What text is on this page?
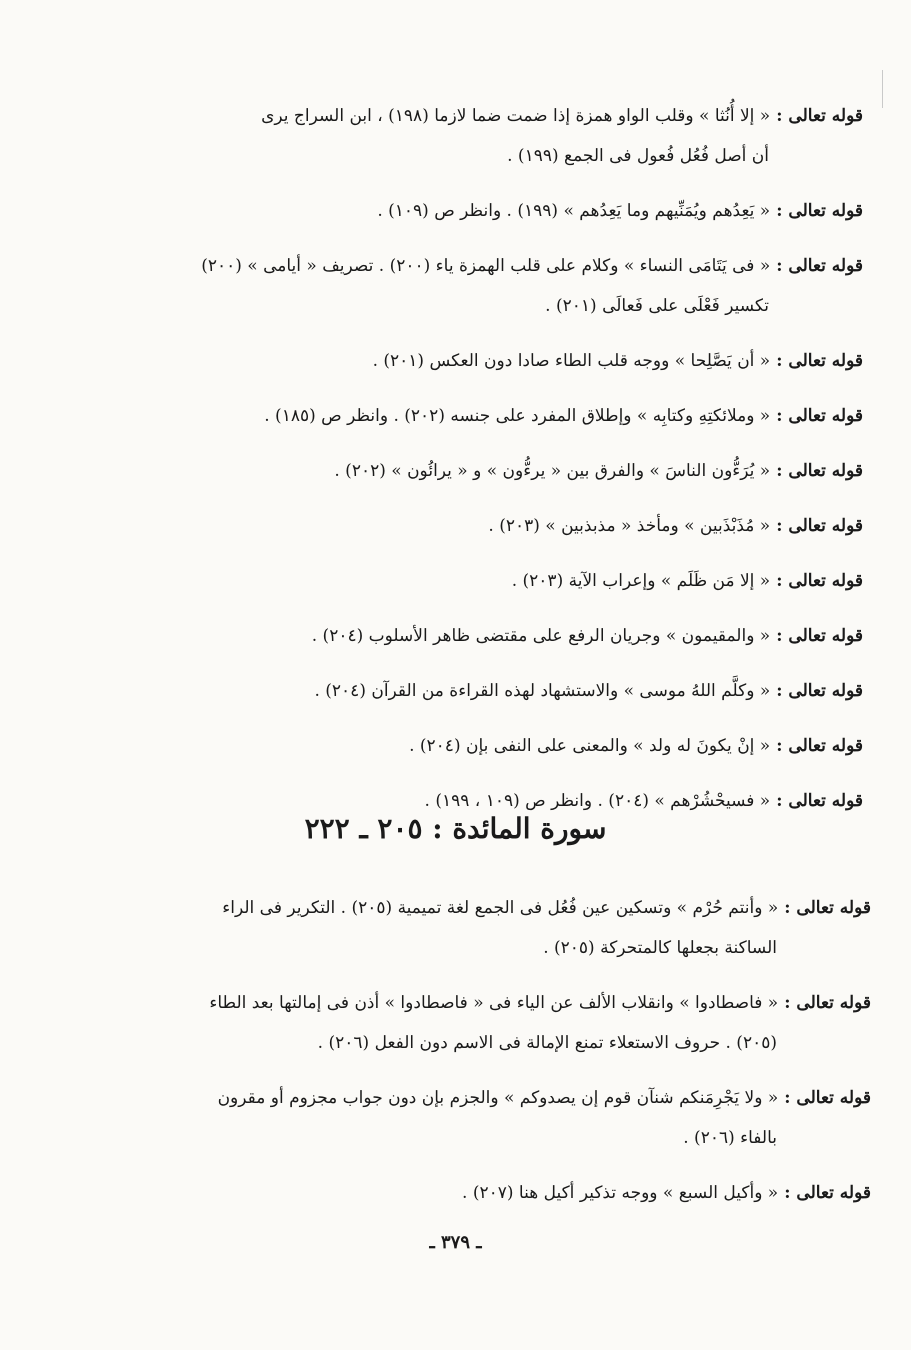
قوله تعالى :« إلا أُنُثا » وقلب الواو همزة إذا ضمت ضما لازما (١٩٨) ، ابن السراج يرى
أن أصل فُعُل فُعول فى الجمع (١٩٩) .
قوله تعالى :« يَعِدُهم ويُمَنِّيهم وما يَعِدُهم » (١٩٩) . وانظر ص (١٠٩) .
قوله تعالى :« فى يَتَامَى النساء » وكلام على قلب الهمزة ياء (٢٠٠) . تصريف « أيامى » (٢٠٠)
تكسير فَعْلَى على فَعالَى (٢٠١) .
قوله تعالى :« أن يَصَّلِحا » ووجه قلب الطاء صادا دون العكس (٢٠١) .
قوله تعالى :« وملائكتِهِ وكتابِه » وإطلاق المفرد على جنسه (٢٠٢) . وانظر ص (١٨٥) .
قوله تعالى :« يُرَءُّون الناسَ » والفرق بين « يرءُّون » و « يرائُون » (٢٠٢) .
قوله تعالى :« مُذَبْذَبين » ومأخذ « مذبذبين » (٢٠٣) .
قوله تعالى :« إلا مَن ظَلَم » وإعراب الآية (٢٠٣) .
قوله تعالى :« والمقيمون » وجريان الرفع على مقتضى ظاهر الأسلوب (٢٠٤) .
قوله تعالى :« وكلَّم اللهُ موسى » والاستشهاد لهذه القراءة من القرآن (٢٠٤) .
قوله تعالى :« إنْ يكونَ له ولد » والمعنى على النفى بإن (٢٠٤) .
قوله تعالى :« فسيحْشُرْهم » (٢٠٤) . وانظر ص (١٠٩ ، ١٩٩) .
سورة المائدة : ٢٠٥ ـ ٢٢٢
قوله تعالى :« وأنتم حُرْم » وتسكين عين فُعُل فى الجمع لغة تميمية (٢٠٥) . التكرير فى الراء
الساكنة بجعلها كالمتحركة (٢٠٥) .
قوله تعالى :« فاصطادوا » وانقلاب الألف عن الياء فى « فاصطادوا » أذن فى إمالتها بعد الطاء
(٢٠٥) . حروف الاستعلاء تمنع الإمالة فى الاسم دون الفعل (٢٠٦) .
قوله تعالى :« ولا يَجْرِمَنكم شنآن قوم إن يصدوكم » والجزم بإن دون جواب مجزوم أو مقرون
بالفاء (٢٠٦) .
قوله تعالى :« وأكيل السبع » ووجه تذكير أكيل هنا (٢٠٧) .
ـ ٣٧٩ ـ
